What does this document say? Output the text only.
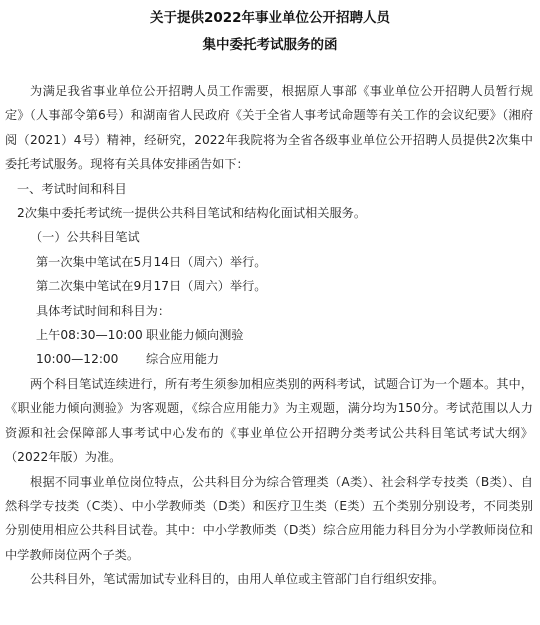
关于提供2022年事业单位公开招聘人员
集中委托考试服务的函

为满足我省事业单位公开招聘人员工作需要，根据原人事部《事业单位公开招聘人员暂行规定》（人事部令第6号）和湖南省人民政府《关于全省人事考试命题等有关工作的会议纪要》（湘府阅（2021）4号）精神，经研究，2022年我院将为全省各级事业单位公开招聘人员提供2次集中委托考试服务。现将有关具体安排函告如下：

一、考试时间和科目

2次集中委托考试统一提供公共科目笔试和结构化面试相关服务。

（一）公共科目笔试

第一次集中笔试在5月14日（周六）举行。

第二次集中笔试在9月17日（周六）举行。

具体考试时间和科目为：

上午08:30—10:00 职业能力倾向测验
10:00—12:00	综合应用能力

两个科目笔试连续进行，所有考生须参加相应类别的两科考试，试题合订为一个题本。其中，《职业能力倾向测验》为客观题，《综合应用能力》为主观题，满分均为150分。考试范围以人力资源和社会保障部人事考试中心发布的《事业单位公开招聘分类考试公共科目笔试考试大纲》（2022年版）为准。

根据不同事业单位岗位特点，公共科目分为综合管理类（A类）、社会科学专技类（B类）、自然科学专技类（C类）、中小学教师类（D类）和医疗卫生类（E类）五个类别分别设考，不同类别分别使用相应公共科目试卷。其中：中小学教师类（D类）综合应用能力科目分为小学教师岗位和中学教师岗位两个子类。

公共科目外，笔试需加试专业科目的，由用人单位或主管部门自行组织安排。
